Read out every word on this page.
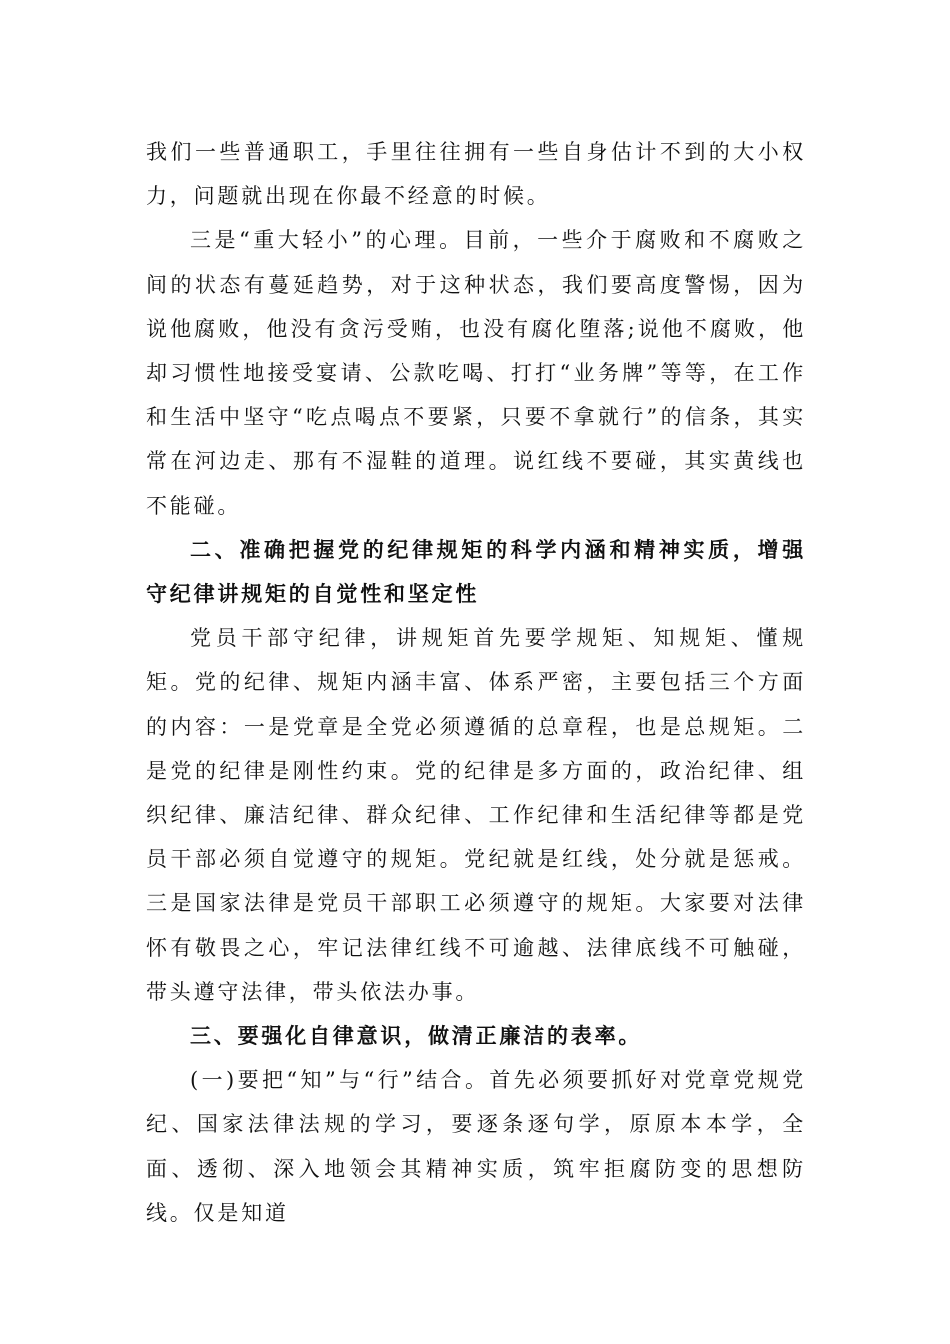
我们一些普通职工，手里往往拥有一些自身估计不到的大小权力，问题就出现在你最不经意的时候。

三是“重大轻小”的心理。目前，一些介于腐败和不腐败之间的状态有蔓延趋势，对于这种状态，我们要高度警惕，因为说他腐败，他没有贪污受贿，也没有腐化堕落;说他不腐败，他却习惯性地接受宴请、公款吃喝、打打“业务牌”等等，在工作和生活中坚守“吃点喝点不要紧，只要不拿就行”的信条，其实常在河边走、那有不湿鞋的道理。说红线不要碰，其实黄线也不能碰。

二、准确把握党的纪律规矩的科学内涵和精神实质，增强守纪律讲规矩的自觉性和坚定性

党员干部守纪律，讲规矩首先要学规矩、知规矩、懂规矩。党的纪律、规矩内涵丰富、体系严密，主要包括三个方面的内容：一是党章是全党必须遵循的总章程，也是总规矩。二是党的纪律是刚性约束。党的纪律是多方面的，政治纪律、组织纪律、廉洁纪律、群众纪律、工作纪律和生活纪律等都是党员干部必须自觉遵守的规矩。党纪就是红线，处分就是惩戒。三是国家法律是党员干部职工必须遵守的规矩。大家要对法律怀有敬畏之心，牢记法律红线不可逾越、法律底线不可触碰，带头遵守法律，带头依法办事。

三、要强化自律意识，做清正廉洁的表率。

(一)要把“知”与“行”结合。首先必须要抓好对党章党规党纪、国家法律法规的学习，要逐条逐句学，原原本本学，全面、透彻、深入地领会其精神实质，筑牢拒腐防变的思想防线。仅是知道
